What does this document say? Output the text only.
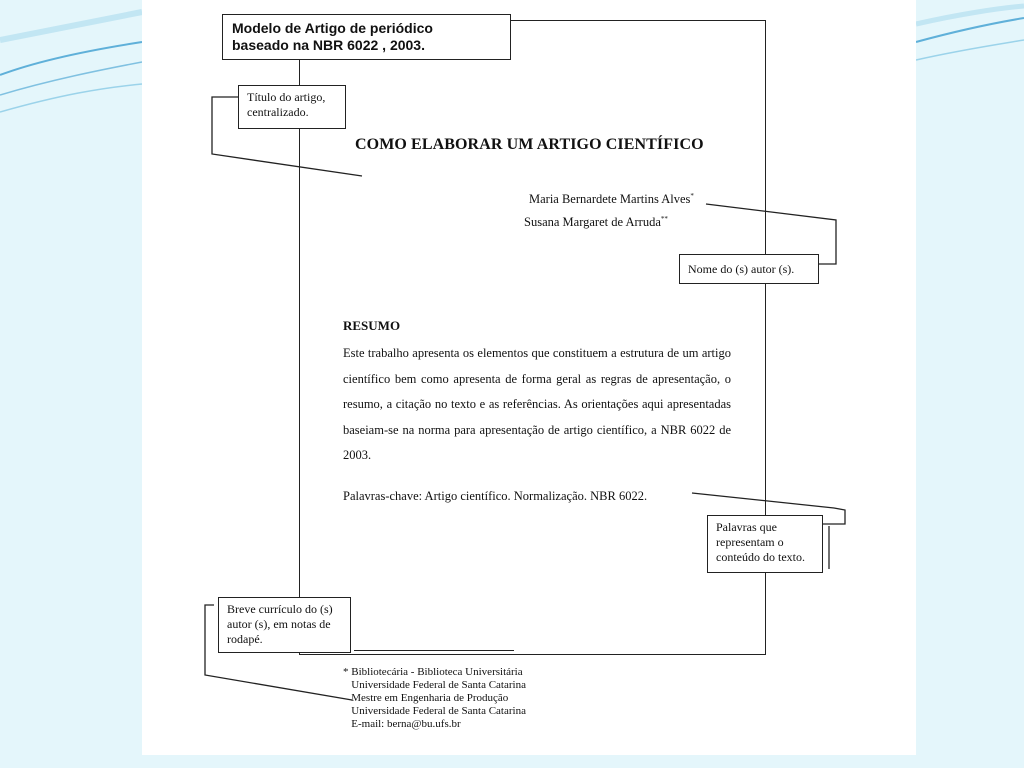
Modelo de Artigo de periódico
baseado na NBR 6022 , 2003.
Título do artigo,
centralizado.
Nome do (s) autor (s).
Palavras que
representam o
conteúdo do texto.
Breve currículo do (s)
autor (s), em notas de
rodapé.
COMO ELABORAR UM ARTIGO CIENTÍFICO
Maria Bernardete Martins Alves*
Susana Margaret de Arruda**
RESUMO
Este trabalho apresenta os elementos que constituem a estrutura de um artigo científico bem como apresenta de forma geral as regras de apresentação, o resumo, a citação no texto e as referências. As orientações aqui apresentadas baseiam-se na norma para apresentação de artigo científico, a NBR 6022 de 2003.
Palavras-chave: Artigo científico. Normalização. NBR 6022.
* Bibliotecária - Biblioteca Universitária
Universidade Federal de Santa Catarina
Mestre em Engenharia de Produção
Universidade Federal de Santa Catarina
E-mail: berna@bu.ufs.br
